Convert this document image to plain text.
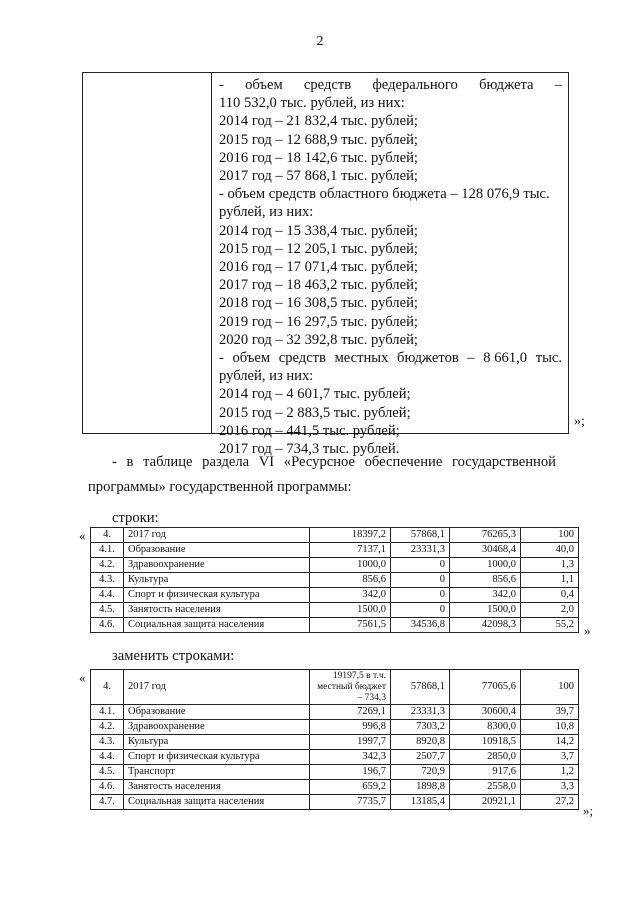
2
- объем средств федерального бюджета –
110 532,0 тыс. рублей, из них:
2014 год – 21 832,4 тыс. рублей;
2015 год – 12 688,9 тыс. рублей;
2016 год – 18 142,6 тыс. рублей;
2017 год – 57 868,1 тыс. рублей;
- объем средств областного бюджета – 128 076,9 тыс.
рублей, из них:
2014 год – 15 338,4 тыс. рублей;
2015 год – 12 205,1 тыс. рублей;
2016 год – 17 071,4 тыс. рублей;
2017 год – 18 463,2 тыс. рублей;
2018 год – 16 308,5 тыс. рублей;
2019 год – 16 297,5 тыс. рублей;
2020 год – 32 392,8 тыс. рублей;
- объем средств местных бюджетов – 8 661,0 тыс.
рублей, из них:
2014 год – 4 601,7 тыс. рублей;
2015 год – 2 883,5 тыс. рублей;
2016 год – 441,5 тыс. рублей;
2017 год – 734,3 тыс. рублей.
»;
- в таблице раздела VI «Ресурсное обеспечение государственной
программы» государственной программы:
строки:
« 4.	2017 год	18397,2	57868,1	76265,3	100
4.1.	Образование	7137,1	23331,3	30468,4	40,0
4.2.	Здравоохранение	1000,0	0	1000,0	1,3
4.3.	Культура	856,6	0	856,6	1,1
4.4.	Спорт и физическая культура	342,0	0	342,0	0,4
4.5.	Занятость населения	1500,0	0	1500,0	2,0
4.6.	Социальная защита населения	7561,5	34536,8	42098,3	55,2 »
заменить строками:
«
4.	2017 год	19197,5 в т.ч. местный бюджет – 734,3	57868,1	77065,6	100
4.1.	Образование	7269,1	23331,3	30600,4	39,7
4.2.	Здравоохранение	996,8	7303,2	8300,0	10,8
4.3.	Культура	1997,7	8920,8	10918,5	14,2
4.4.	Спорт и физическая культура	342,3	2507,7	2850,0	3,7
4.5.	Транспорт	196,7	720,9	917,6	1,2
4.6.	Занятость населения	659,2	1898,8	2558,0	3,3
4.7.	Социальная защита населения	7735,7	13185,4	20921,1	27,2
»;
